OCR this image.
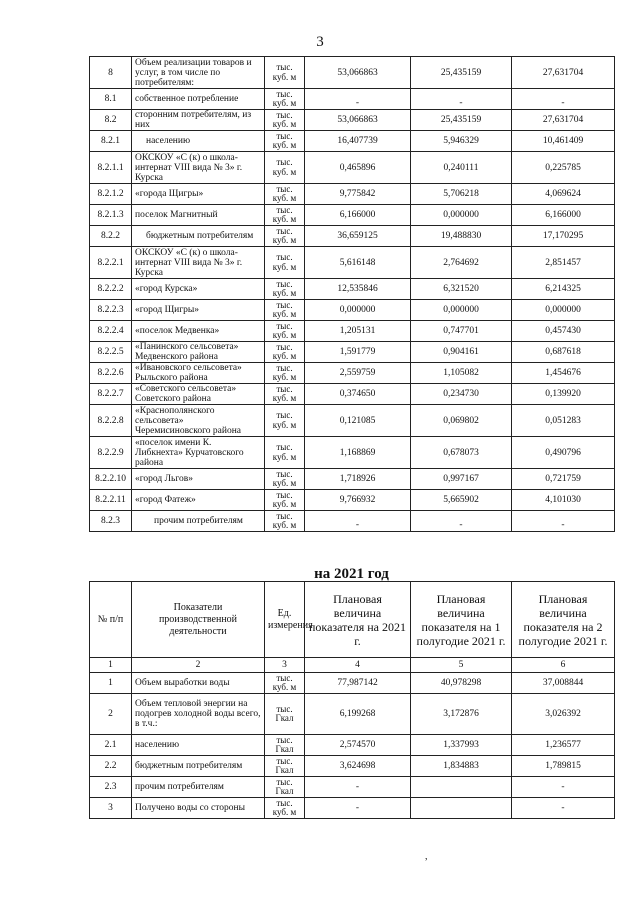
3
8	Объем реализации товаров и услуг, в том числе по потребителям:	тыс. куб. м	53,066863	25,435159	27,631704
8.1	собственное потребление	тыс. куб. м	-	-	-
8.2	сторонним потребителям, из них	тыс. куб. м	53,066863	25,435159	27,631704
8.2.1	населению	тыс. куб. м	16,407739	5,946329	10,461409
8.2.1.1	ОКСКОУ «С (к) о школа-интернат VIII вида № 3» г. Курска	тыс. куб. м	0,465896	0,240111	0,225785
8.2.1.2	«города Щигры»	тыс. куб. м	9,775842	5,706218	4,069624
8.2.1.3	поселок Магнитный	тыс. куб. м	6,166000	0,000000	6,166000
8.2.2	бюджетным потребителям	тыс. куб. м	36,659125	19,488830	17,170295
8.2.2.1	ОКСКОУ «С (к) о школа-интернат VIII вида № 3» г. Курска	тыс. куб. м	5,616148	2,764692	2,851457
8.2.2.2	«город Курска»	тыс. куб. м	12,535846	6,321520	6,214325
8.2.2.3	«город Щигры»	тыс. куб. м	0,000000	0,000000	0,000000
8.2.2.4	«поселок Медвенка»	тыс. куб. м	1,205131	0,747701	0,457430
8.2.2.5	«Панинского сельсовета» Медвенского района	тыс. куб. м	1,591779	0,904161	0,687618
8.2.2.6	«Ивановского сельсовета» Рыльского района	тыс. куб. м	2,559759	1,105082	1,454676
8.2.2.7	«Советского сельсовета» Советского района	тыс. куб. м	0,374650	0,234730	0,139920
8.2.2.8	«Краснополянского сельсовета» Черемисиновского района	тыс. куб. м	0,121085	0,069802	0,051283
8.2.2.9	«поселок имени К. Либкнехта» Курчатовского района	тыс. куб. м	1,168869	0,678073	0,490796
8.2.2.10	«город Льгов»	тыс. куб. м	1,718926	0,997167	0,721759
8.2.2.11	«город Фатеж»	тыс. куб. м	9,766932	5,665902	4,101030
8.2.3	прочим потребителям	тыс. куб. м	-	-	-
на 2021 год
№ п/п	Показатели производственной деятельности	Ед. измерения	Плановая величина показателя на 2021 г.	Плановая величина показателя на 1 полугодие 2021 г.	Плановая величина показателя на 2 полугодие 2021 г.
1	2	3	4	5	6
1	Объем выработки воды	тыс. куб. м	77,987142	40,978298	37,008844
2	Объем тепловой энергии на подогрев холодной воды всего, в т.ч.:	тыс. Гкал	6,199268	3,172876	3,026392
2.1	населению	тыс. Гкал	2,574570	1,337993	1,236577
2.2	бюджетным потребителям	тыс. Гкал	3,624698	1,834883	1,789815
2.3	прочим потребителям	тыс. Гкал	-		-
3	Получено воды со стороны	тыс. куб. м	-		-
,
